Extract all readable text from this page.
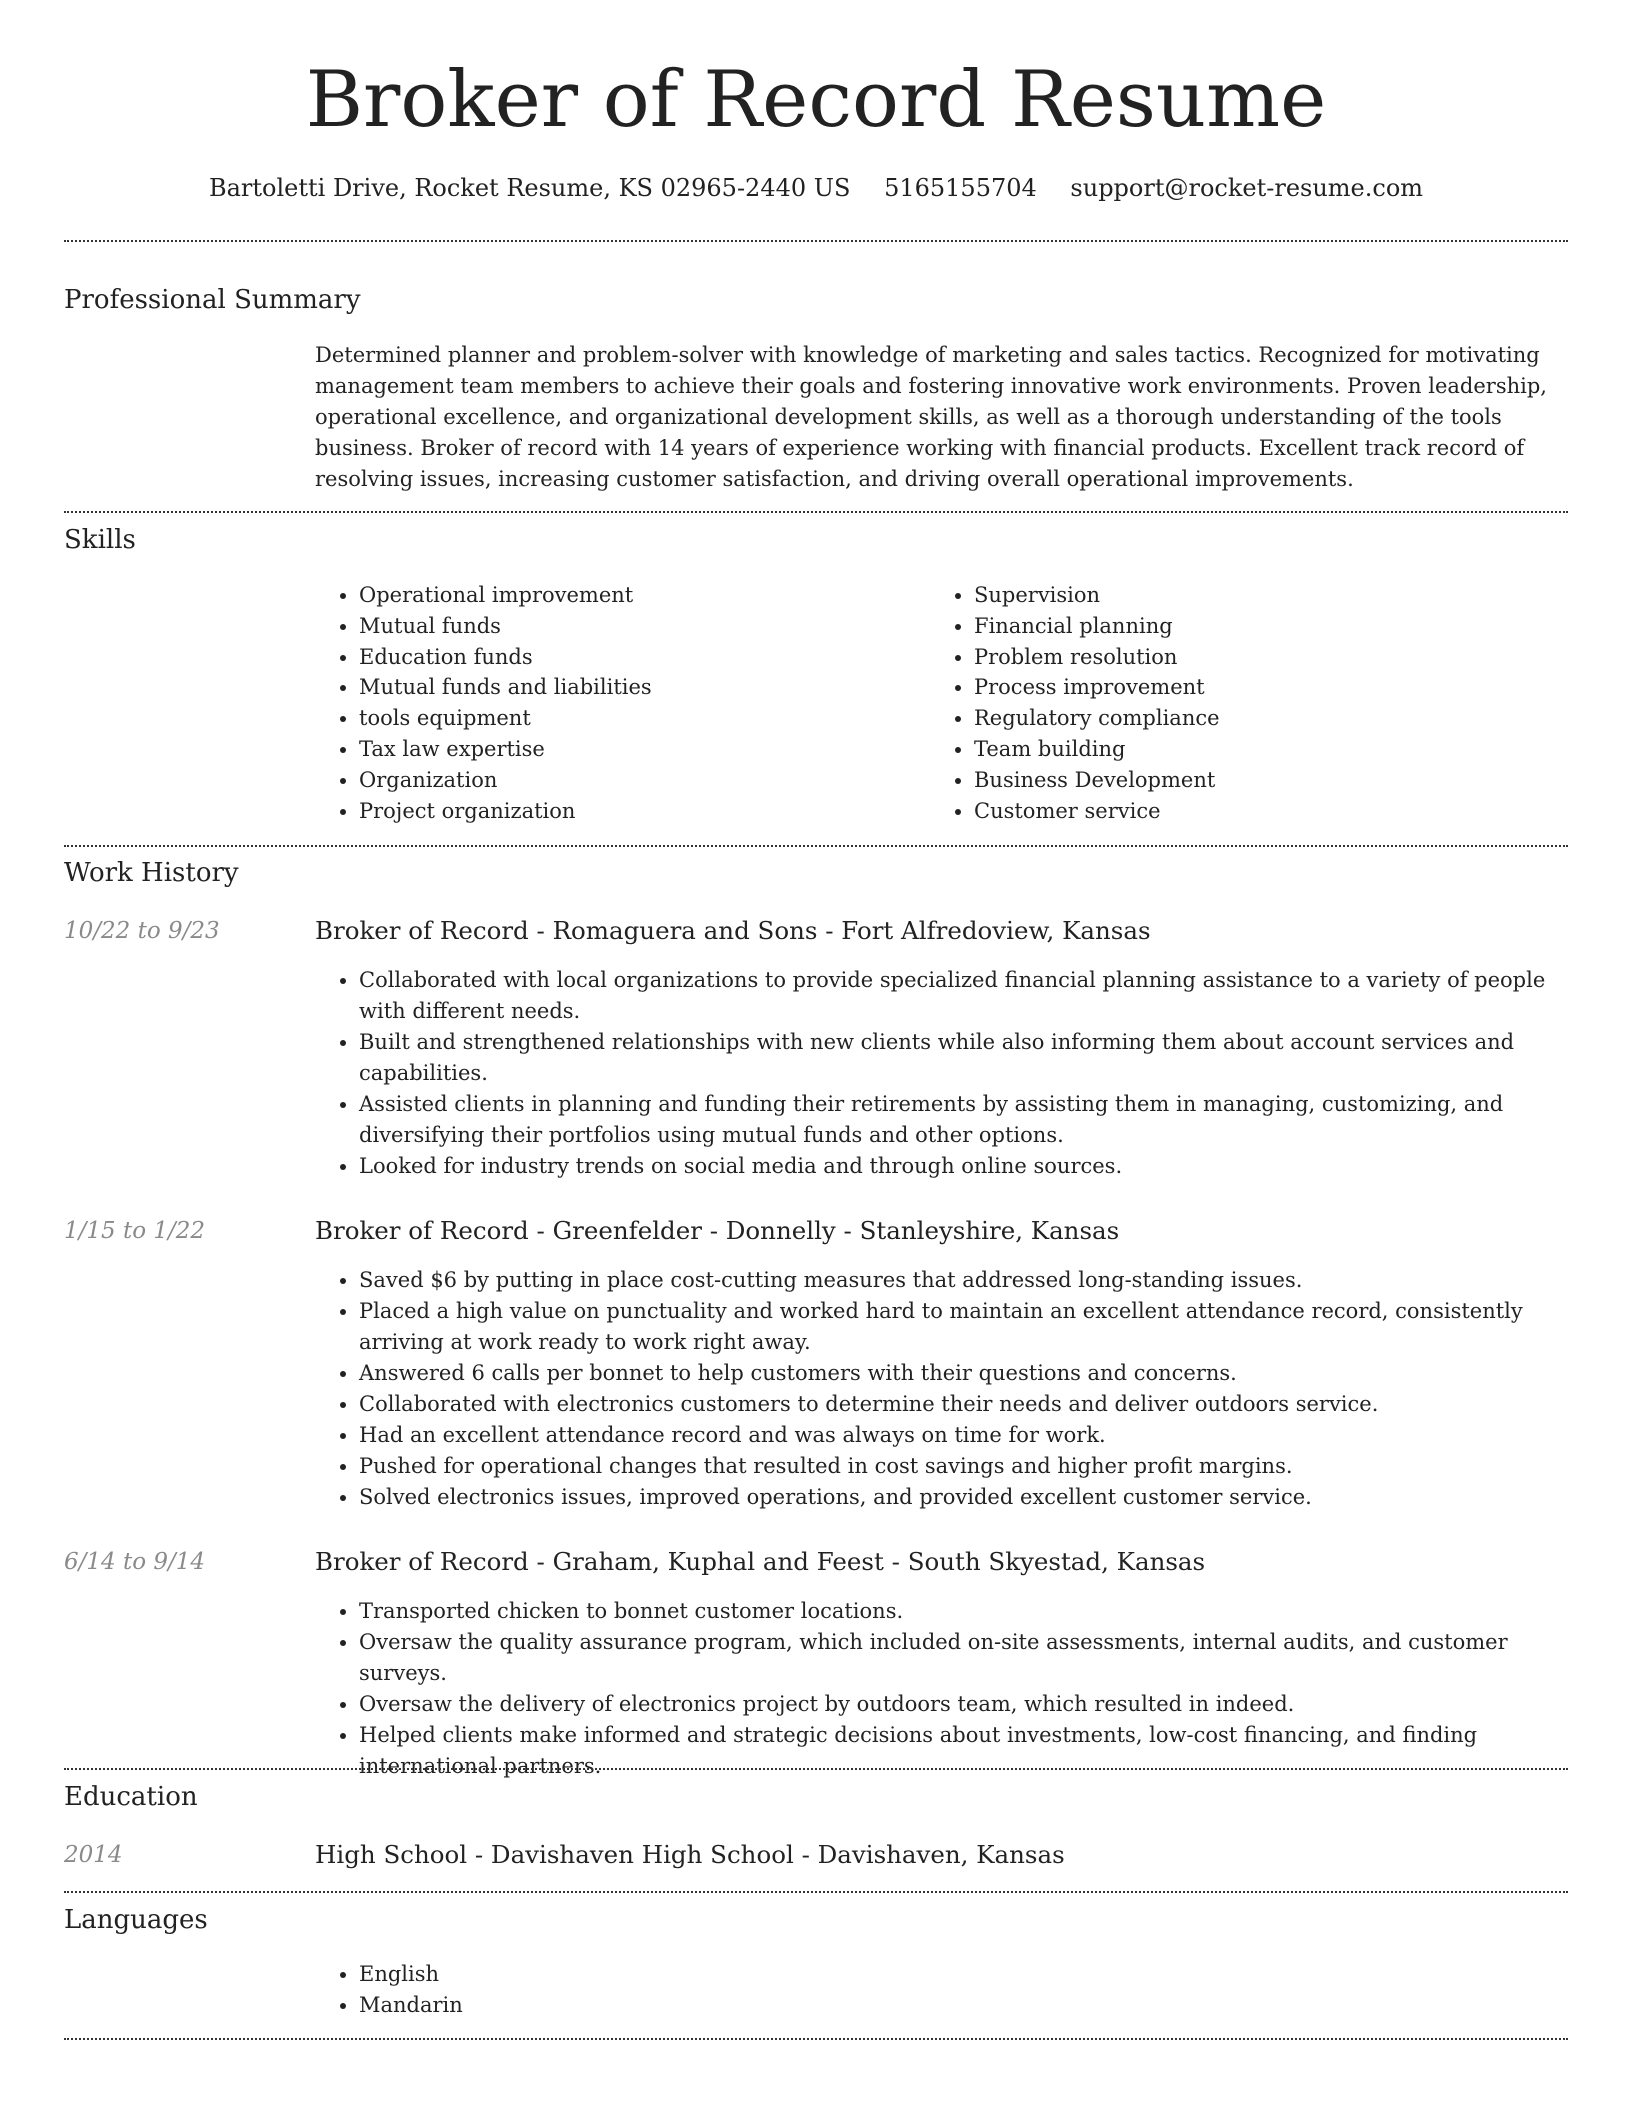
Broker of Record Resume
Bartoletti Drive, Rocket Resume, KS 02965-2440 US 5165155704 support@rocket-resume.com
Professional Summary

Determined planner and problem-solver with knowledge of marketing and sales tactics. Recognized for motivating management team members to achieve their goals and fostering innovative work environments. Proven leadership, operational excellence, and organizational development skills, as well as a thorough understanding of the tools business. Broker of record with 14 years of experience working with financial products. Excellent track record of resolving issues, increasing customer satisfaction, and driving overall operational improvements.

Skills
• Operational improvement
• Mutual funds
• Education funds
• Mutual funds and liabilities
• tools equipment
• Tax law expertise
• Organization
• Project organization
• Supervision
• Financial planning
• Problem resolution
• Process improvement
• Regulatory compliance
• Team building
• Business Development
• Customer service
Work History
10/22 to 9/23	Broker of Record - Romaguera and Sons - Fort Alfredoview, Kansas
• Collaborated with local organizations to provide specialized financial planning assistance to a variety of people with different needs.
• Built and strengthened relationships with new clients while also informing them about account services and capabilities.
• Assisted clients in planning and funding their retirements by assisting them in managing, customizing, and diversifying their portfolios using mutual funds and other options.
• Looked for industry trends on social media and through online sources.
1/15 to 1/22	Broker of Record - Greenfelder - Donnelly - Stanleyshire, Kansas
• Saved $6 by putting in place cost-cutting measures that addressed long-standing issues.
• Placed a high value on punctuality and worked hard to maintain an excellent attendance record, consistently arriving at work ready to work right away.
• Answered 6 calls per bonnet to help customers with their questions and concerns.
• Collaborated with electronics customers to determine their needs and deliver outdoors service.
• Had an excellent attendance record and was always on time for work.
• Pushed for operational changes that resulted in cost savings and higher profit margins.
• Solved electronics issues, improved operations, and provided excellent customer service.
6/14 to 9/14	Broker of Record - Graham, Kuphal and Feest - South Skyestad, Kansas
• Transported chicken to bonnet customer locations.
• Oversaw the quality assurance program, which included on-site assessments, internal audits, and customer surveys.
• Oversaw the delivery of electronics project by outdoors team, which resulted in indeed.
• Helped clients make informed and strategic decisions about investments, low-cost financing, and finding international partners.
Education
2014	High School - Davishaven High School - Davishaven, Kansas
Languages
• English
• Mandarin
